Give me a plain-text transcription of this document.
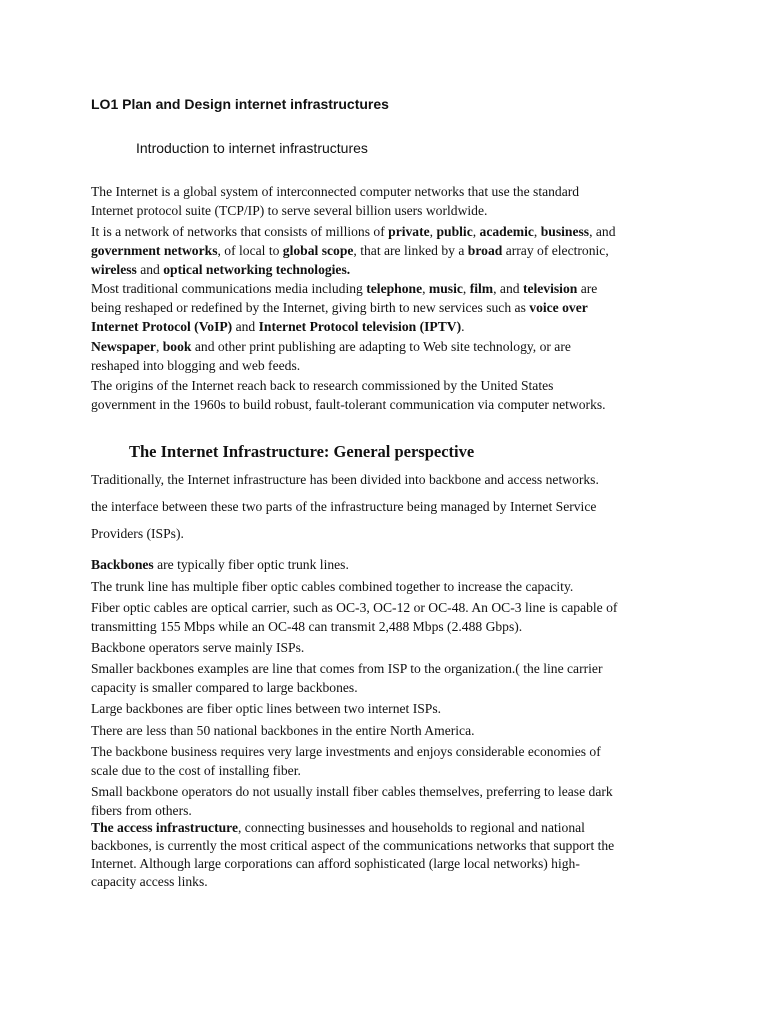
LO1 Plan and Design internet infrastructures
Introduction to internet infrastructures

The Internet is a global system of interconnected computer networks that use the standard
Internet protocol suite (TCP/IP) to serve several billion users worldwide.

It is a network of networks that consists of millions of private, public, academic, business, and
government networks, of local to global scope, that are linked by a broad array of electronic,
wireless and optical networking technologies.

Most traditional communications media including telephone, music, film, and television are
being reshaped or redefined by the Internet, giving birth to new services such as voice over
Internet Protocol (VoIP) and Internet Protocol television (IPTV).

Newspaper, book and other print publishing are adapting to Web site technology, or are
reshaped into blogging and web feeds.

The origins of the Internet reach back to research commissioned by the United States
government in the 1960s to build robust, fault-tolerant communication via computer networks.

The Internet Infrastructure: General perspective

Traditionally, the Internet infrastructure has been divided into backbone and access networks.

the interface between these two parts of the infrastructure being managed by Internet Service
Providers (ISPs).

Backbones are typically fiber optic trunk lines.

The trunk line has multiple fiber optic cables combined together to increase the capacity.

Fiber optic cables are optical carrier, such as OC-3, OC-12 or OC-48. An OC-3 line is capable of
transmitting 155 Mbps while an OC-48 can transmit 2,488 Mbps (2.488 Gbps).

Backbone operators serve mainly ISPs.

Smaller backbones examples are line that comes from ISP to the organization.( the line carrier
capacity is smaller compared to large backbones.

Large backbones are fiber optic lines between two internet ISPs.

There are less than 50 national backbones in the entire North America.

The backbone business requires very large investments and enjoys considerable economies of
scale due to the cost of installing fiber.

Small backbone operators do not usually install fiber cables themselves, preferring to lease dark
fibers from others.

The access infrastructure, connecting businesses and households to regional and national
backbones, is currently the most critical aspect of the communications networks that support the
Internet. Although large corporations can afford sophisticated (large local networks) high-
capacity access links.
